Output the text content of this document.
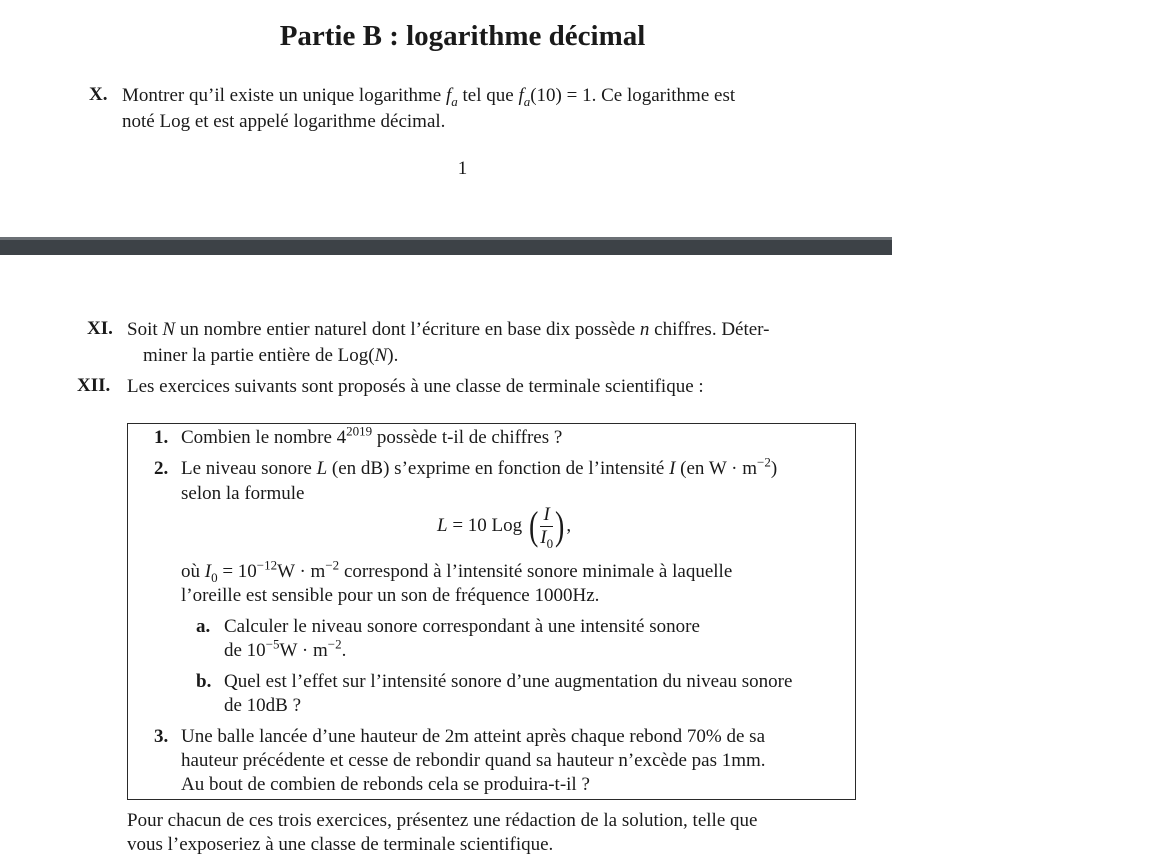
Partie B : logarithme décimal
X. Montrer qu’il existe un unique logarithme $f_a$ tel que $f_a(10) = 1$. Ce logarithme est
noté Log et est appelé logarithme décimal.
1
XI. Soit N un nombre entier naturel dont l’écriture en base dix possède n chiffres. Déter-
miner la partie entière de Log(N).
XII. Les exercices suivants sont proposés à une classe de terminale scientifique :
1. Combien le nombre $4^{2019}$ possède t-il de chiffres ?
2. Le niveau sonore L (en dB) s’exprime en fonction de l’intensité I (en $W \cdot m^{-2}$)
selon la formule
L = 10 Log ( $\frac{I}{I_0}$ ) ,
où $I_0 = 10^{-12}W \cdot m^{-2}$ correspond à l’intensité sonore minimale à laquelle
l’oreille est sensible pour un son de fréquence 1000Hz.
a. Calculer le niveau sonore correspondant à une intensité sonore
de $10^{-5}W \cdot m^{-2}$.
b. Quel est l’effet sur l’intensité sonore d’une augmentation du niveau sonore
de 10dB ?
3. Une balle lancée d’une hauteur de 2m atteint après chaque rebond 70% de sa
hauteur précédente et cesse de rebondir quand sa hauteur n’excède pas 1mm.
Au bout de combien de rebonds cela se produira-t-il ?
Pour chacun de ces trois exercices, présentez une rédaction de la solution, telle que
vous l’exposeriez à une classe de terminale scientifique.
